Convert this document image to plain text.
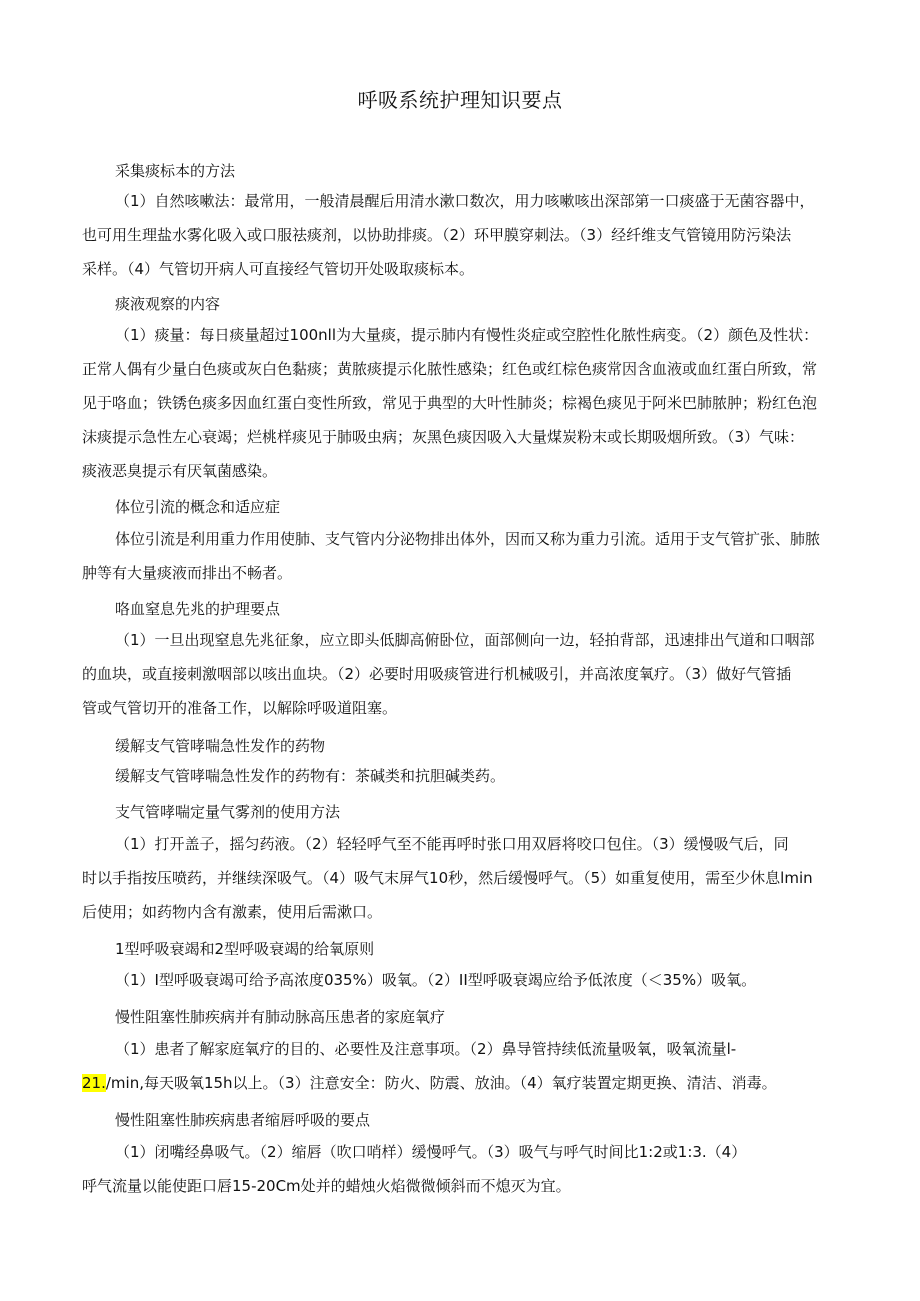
呼吸系统护理知识要点
采集痰标本的方法
（1）自然咳嗽法：最常用，一般清晨醒后用清水漱口数次，用力咳嗽咳出深部第一口痰盛于无菌容器中，
也可用生理盐水雾化吸入或口服祛痰剂，以协助排痰。（2）环甲膜穿刺法。（3）经纤维支气管镜用防污染法
采样。（4）气管切开病人可直接经气管切开处吸取痰标本。
痰液观察的内容
（1）痰量：每日痰量超过100nll为大量痰，提示肺内有慢性炎症或空腔性化脓性病变。（2）颜色及性状：
正常人偶有少量白色痰或灰白色黏痰；黄脓痰提示化脓性感染；红色或红棕色痰常因含血液或血红蛋白所致，常
见于咯血；铁锈色痰多因血红蛋白变性所致，常见于典型的大叶性肺炎；棕褐色痰见于阿米巴肺脓肿；粉红色泡
沫痰提示急性左心衰竭；烂桃样痰见于肺吸虫病；灰黑色痰因吸入大量煤炭粉末或长期吸烟所致。（3）气味：
痰液恶臭提示有厌氧菌感染。
体位引流的概念和适应症
体位引流是利用重力作用使肺、支气管内分泌物排出体外，因而又称为重力引流。适用于支气管扩张、肺脓
肿等有大量痰液而排出不畅者。
咯血窒息先兆的护理要点
（1）一旦出现窒息先兆征象，应立即头低脚高俯卧位，面部侧向一边，轻拍背部，迅速排出气道和口咽部
的血块，或直接刺激咽部以咳出血块。（2）必要时用吸痰管进行机械吸引，并高浓度氧疗。（3）做好气管插
管或气管切开的准备工作，以解除呼吸道阻塞。
缓解支气管哮喘急性发作的药物
缓解支气管哮喘急性发作的药物有：茶碱类和抗胆碱类药。
支气管哮喘定量气雾剂的使用方法
（1）打开盖子，摇匀药液。（2）轻轻呼气至不能再呼时张口用双唇将咬口包住。（3）缓慢吸气后，同
时以手指按压喷药，并继续深吸气。（4）吸气末屏气10秒，然后缓慢呼气。（5）如重复使用，需至少休息lmin
后使用；如药物内含有激素，使用后需漱口。
1型呼吸衰竭和2型呼吸衰竭的给氧原则
（1）I型呼吸衰竭可给予高浓度035%）吸氧。（2）II型呼吸衰竭应给予低浓度（＜35%）吸氧。
慢性阻塞性肺疾病并有肺动脉高压患者的家庭氧疗
（1）患者了解家庭氧疗的目的、必要性及注意事项。（2）鼻导管持续低流量吸氧，吸氧流量l-
21./min,每天吸氧15h以上。（3）注意安全：防火、防震、放油。（4）氧疗装置定期更换、清洁、消毒。
慢性阻塞性肺疾病患者缩唇呼吸的要点
（1）闭嘴经鼻吸气。（2）缩唇（吹口哨样）缓慢呼气。（3）吸气与呼气时间比1:2或1:3.（4）
呼气流量以能使距口唇15-20Cm处并的蜡烛火焰微微倾斜而不熄灭为宜。
